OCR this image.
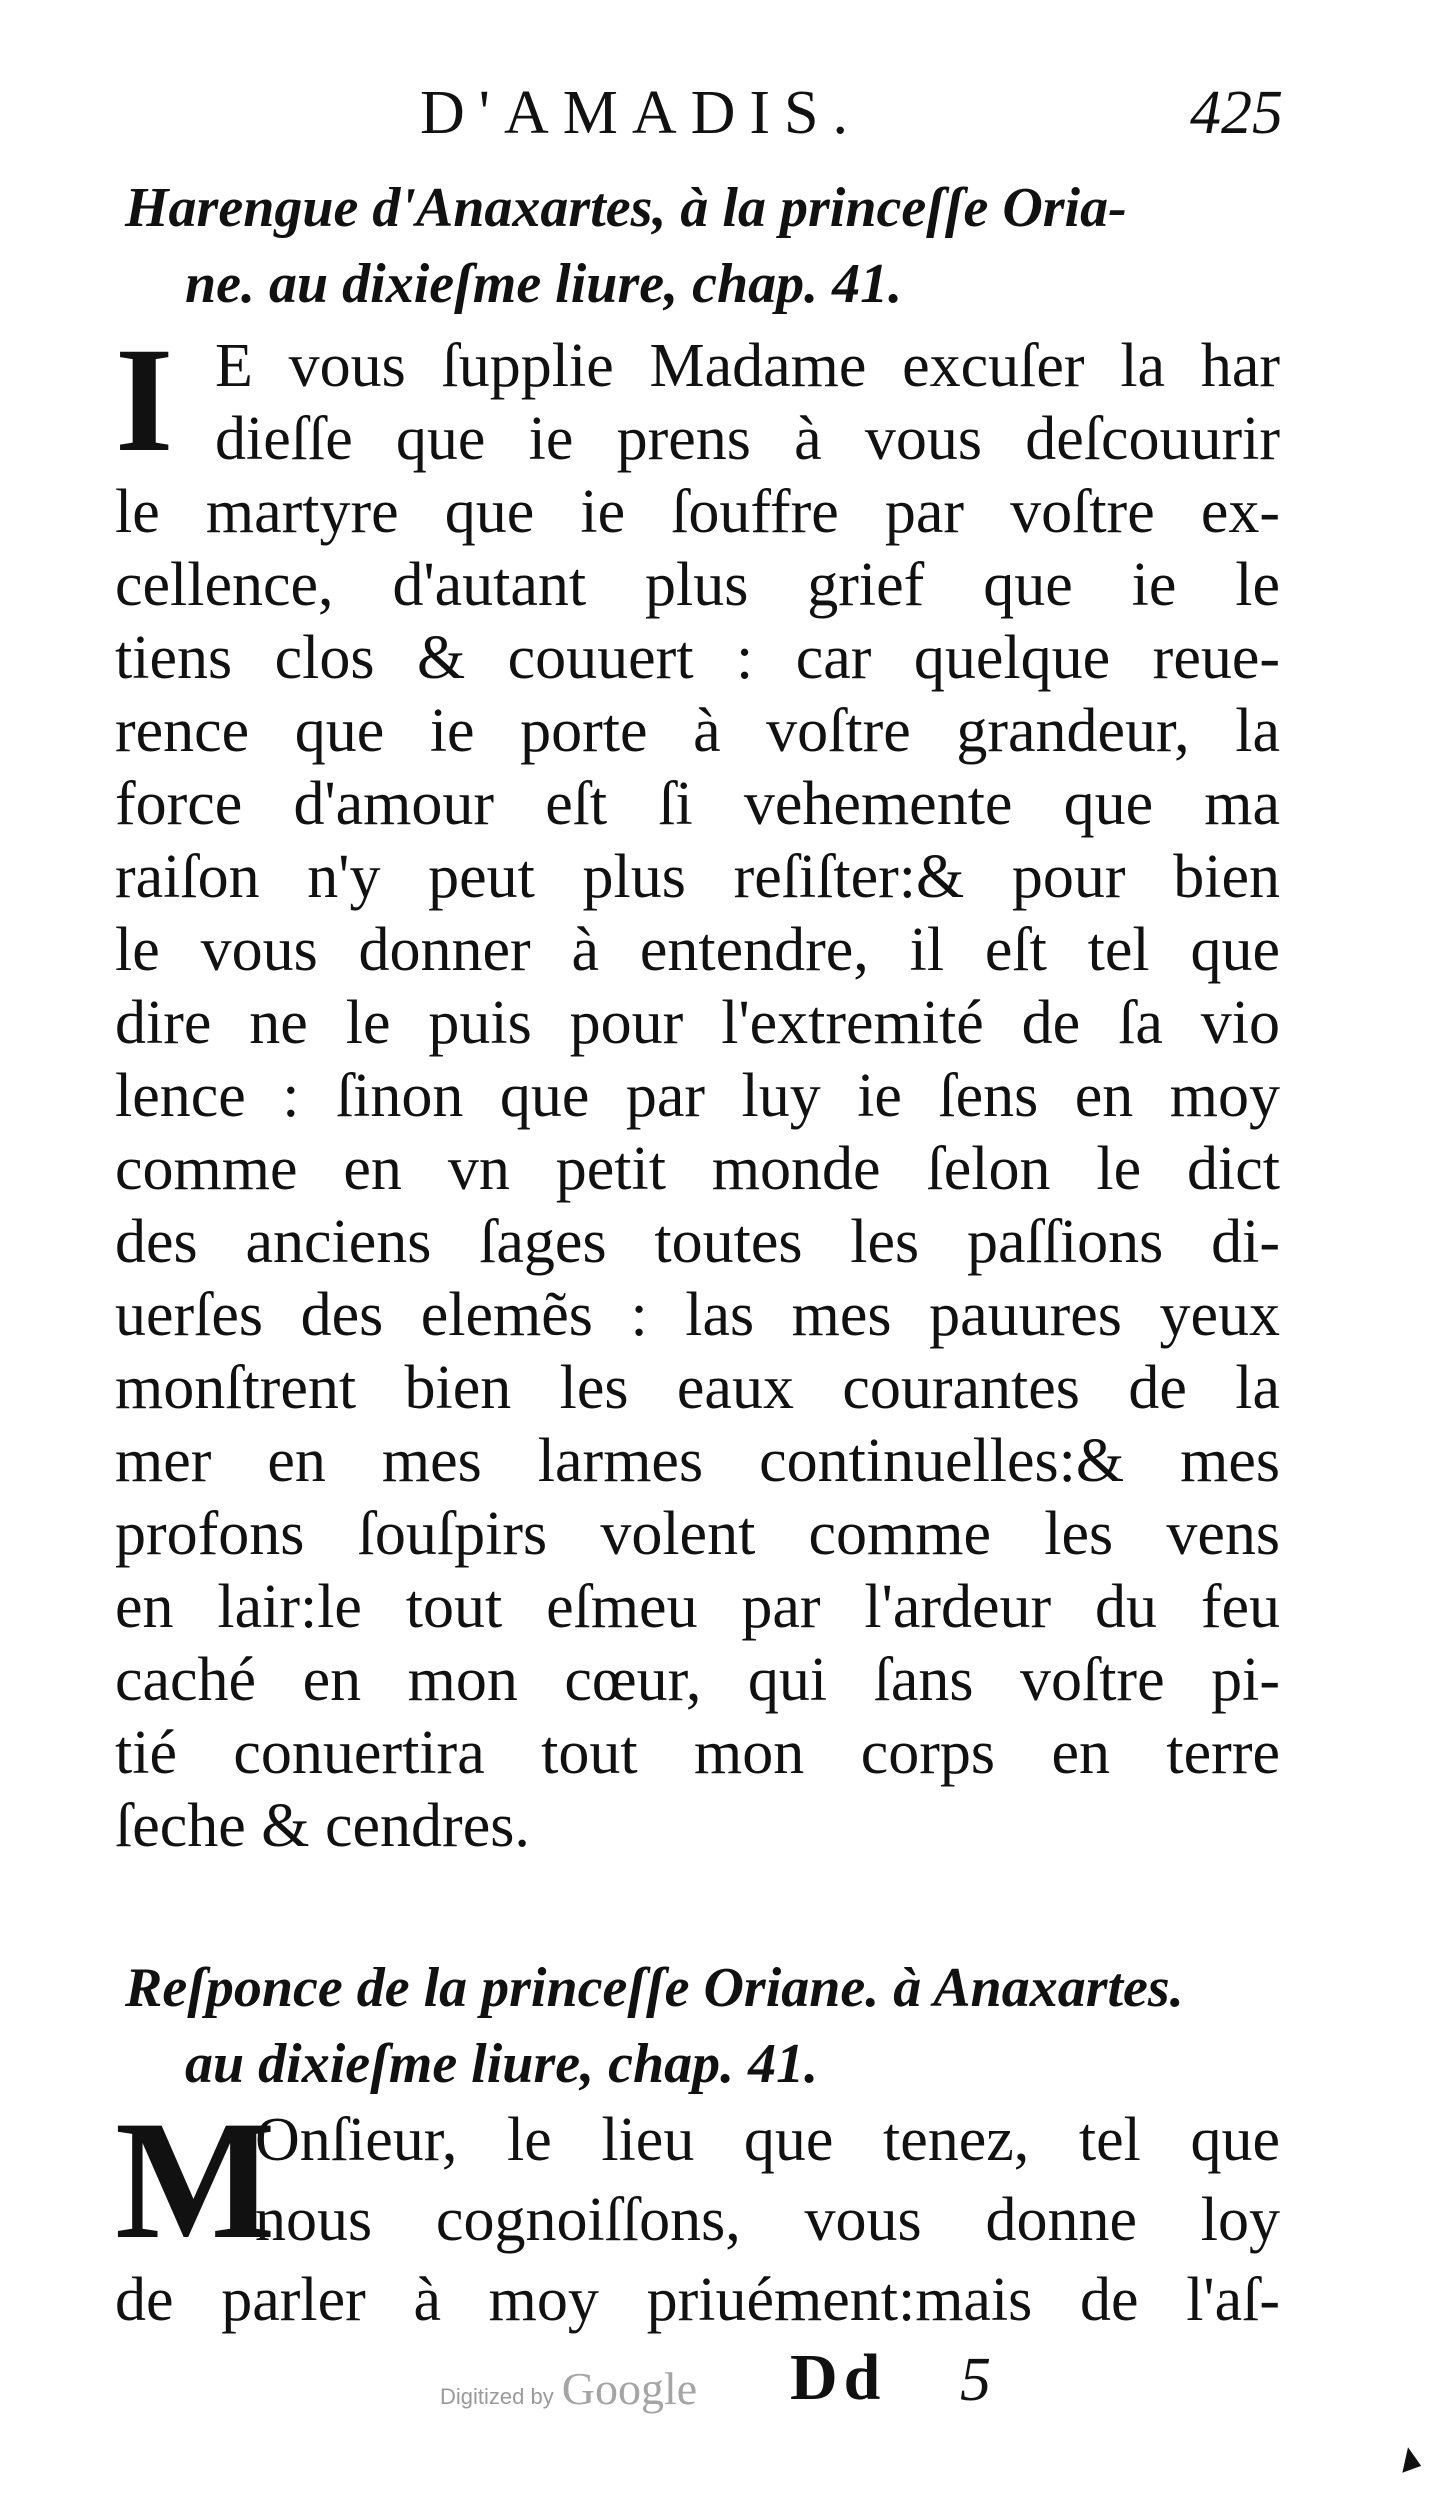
D'AMADIS.	425
Harengue d'Anaxartes, à la princeſſe Oria-
ne. au dixieſme liure, chap. 41.
I E vous ſupplie Madame excuſer la har
dieſſe que ie prens à vous deſcouurir
le martyre que ie ſouffre par voſtre ex-
cellence, d'autant plus grief que ie le
tiens clos & couuert : car quelque reue-
rence que ie porte à voſtre grandeur, la
force d'amour eſt ſi vehemente que ma
raiſon n'y peut plus reſiſter:& pour bien
le vous donner à entendre, il eſt tel que
dire ne le puis pour l'extremité de ſa vio
lence : ſinon que par luy ie ſens en moy
comme en vn petit monde ſelon le dict
des anciens ſages toutes les paſſions di-
uerſes des elemẽs : las mes pauures yeux
monſtrent bien les eaux courantes de la
mer en mes larmes continuelles:& mes
profons ſouſpirs volent comme les vens
en lair:le tout eſmeu par l'ardeur du feu
caché en mon cœur, qui ſans voſtre pi-
tié conuertira tout mon corps en terre
ſeche & cendres.
Reſponce de la princeſſe Oriane. à Anaxartes.
au dixieſme liure, chap. 41.
M
Onſieur, le lieu que tenez, tel que
nous cognoiſſons, vous donne loy
de parler à moy priuément:mais de l'aſ-
Dd 5
Digitized by Google
